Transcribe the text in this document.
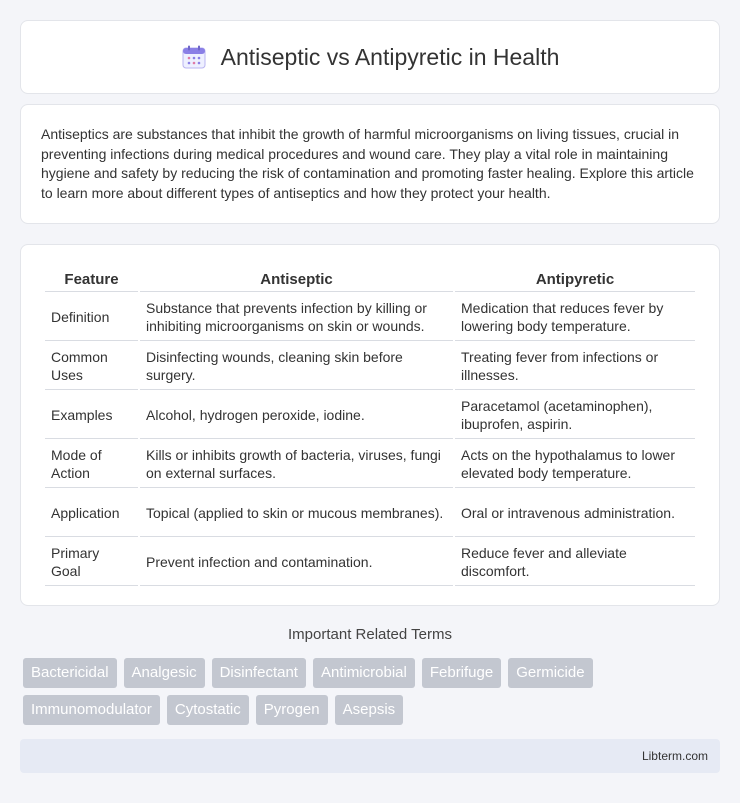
Antiseptic vs Antipyretic in Health

Antiseptics are substances that inhibit the growth of harmful microorganisms on living tissues, crucial in preventing infections during medical procedures and wound care. They play a vital role in maintaining hygiene and safety by reducing the risk of contamination and promoting faster healing. Explore this article to learn more about different types of antiseptics and how they protect your health.

Feature	Antiseptic	Antipyretic
Definition	Substance that prevents infection by killing or inhibiting microorganisms on skin or wounds.	Medication that reduces fever by lowering body temperature.
Common Uses	Disinfecting wounds, cleaning skin before surgery.	Treating fever from infections or illnesses.
Examples	Alcohol, hydrogen peroxide, iodine.	Paracetamol (acetaminophen), ibuprofen, aspirin.
Mode of Action	Kills or inhibits growth of bacteria, viruses, fungi on external surfaces.	Acts on the hypothalamus to lower elevated body temperature.
Application	Topical (applied to skin or mucous membranes).	Oral or intravenous administration.
Primary Goal	Prevent infection and contamination.	Reduce fever and alleviate discomfort.
Important Related Terms
Bactericidal	Analgesic	Disinfectant	Antimicrobial	Febrifuge	Germicide
Immunomodulator	Cytostatic	Pyrogen	Asepsis
Libterm.com
